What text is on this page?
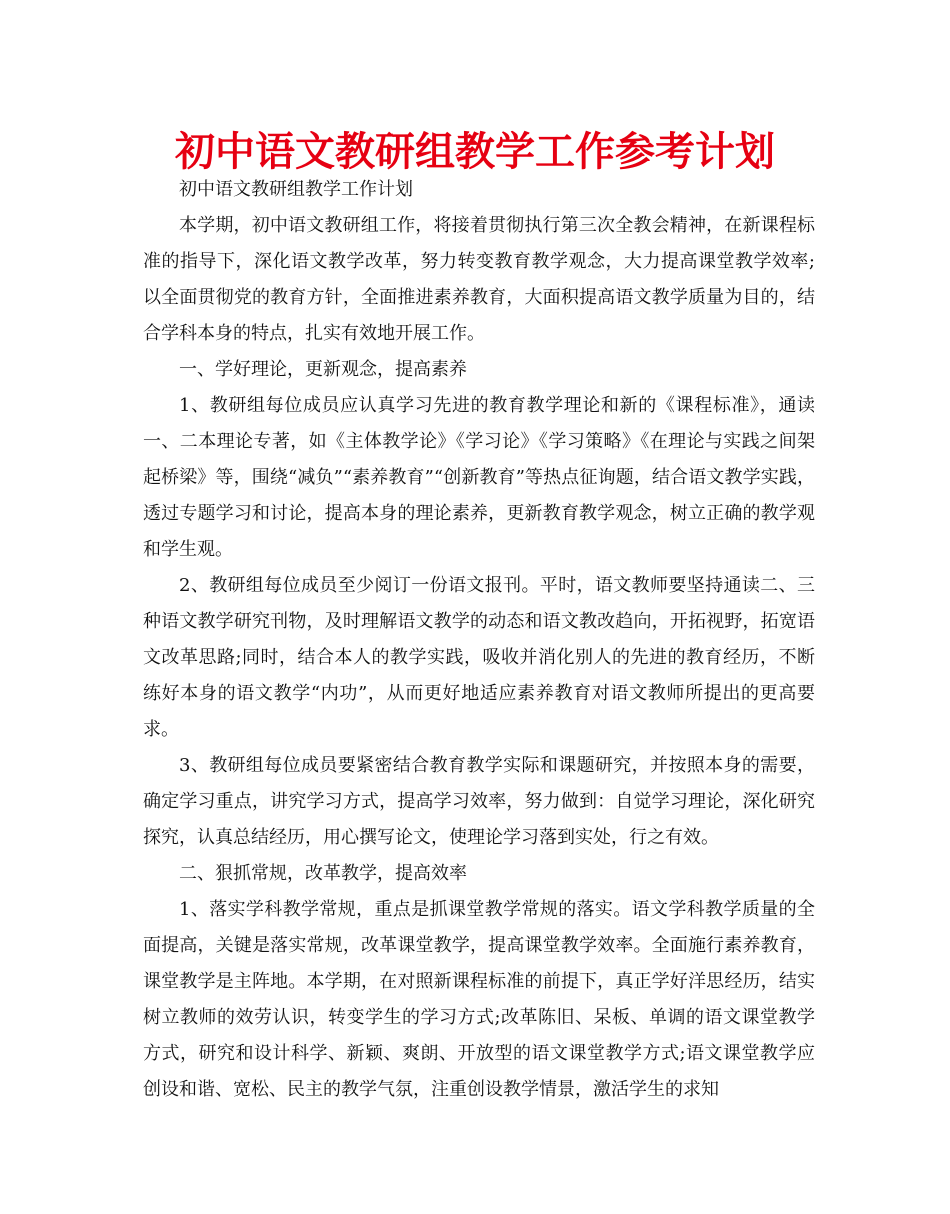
初中语文教研组教学工作参考计划

初中语文教研组教学工作计划

本学期，初中语文教研组工作，将接着贯彻执行第三次全教会精神，在新课程标准的指导下，深化语文教学改革，努力转变教育教学观念，大力提高课堂教学效率;以全面贯彻党的教育方针，全面推进素养教育，大面积提高语文教学质量为目的，结合学科本身的特点，扎实有效地开展工作。

一、学好理论，更新观念，提高素养

1、教研组每位成员应认真学习先进的教育教学理论和新的《课程标准》，通读一、二本理论专著，如《主体教学论》《学习论》《学习策略》《在理论与实践之间架起桥梁》等，围绕“减负”“素养教育”“创新教育”等热点征询题，结合语文教学实践，透过专题学习和讨论，提高本身的理论素养，更新教育教学观念，树立正确的教学观和学生观。

2、教研组每位成员至少阅订一份语文报刊。平时，语文教师要坚持通读二、三种语文教学研究刊物，及时理解语文教学的动态和语文教改趋向，开拓视野，拓宽语文改革思路;同时，结合本人的教学实践，吸收并消化别人的先进的教育经历，不断练好本身的语文教学“内功”，从而更好地适应素养教育对语文教师所提出的更高要求。

3、教研组每位成员要紧密结合教育教学实际和课题研究，并按照本身的需要，确定学习重点，讲究学习方式，提高学习效率，努力做到：自觉学习理论，深化研究探究，认真总结经历，用心撰写论文，使理论学习落到实处，行之有效。

二、狠抓常规，改革教学，提高效率

1、落实学科教学常规，重点是抓课堂教学常规的落实。语文学科教学质量的全面提高，关键是落实常规，改革课堂教学，提高课堂教学效率。全面施行素养教育，课堂教学是主阵地。本学期，在对照新课程标准的前提下，真正学好洋思经历，结实树立教师的效劳认识，转变学生的学习方式;改革陈旧、呆板、单调的语文课堂教学方式，研究和设计科学、新颖、爽朗、开放型的语文课堂教学方式;语文课堂教学应创设和谐、宽松、民主的教学气氛，注重创设教学情景，激活学生的求知
